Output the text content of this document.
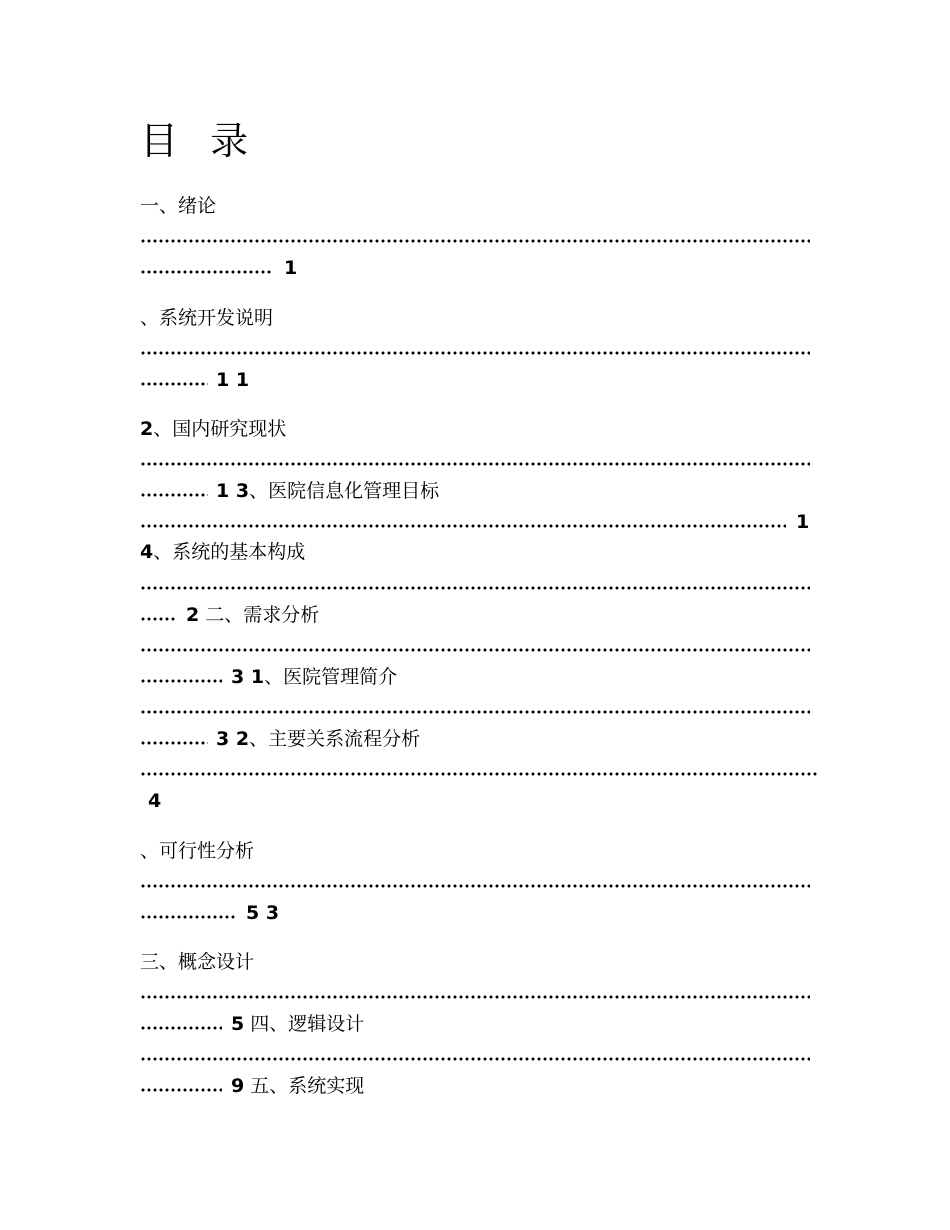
目 录
一、绪论
1
、系统开发说明
1 1
2、国内研究现状
1 3、医院信息化管理目标
1
4、系统的基本构成
2 二、需求分析
3 1、医院管理简介
3 2、主要关系流程分析
4
、可行性分析
5 3
三、概念设计
5 四、逻辑设计
9 五、系统实现
